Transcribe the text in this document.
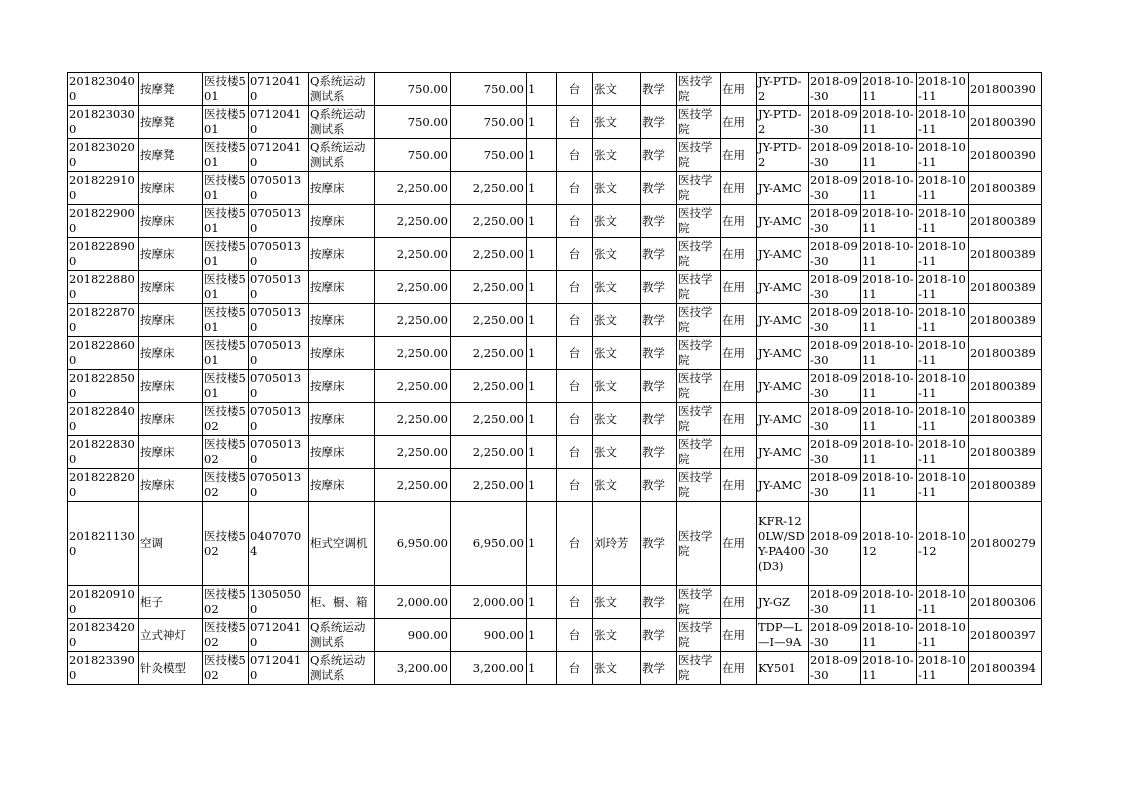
2018230400	按摩凳	医技楼501	07120410	Q系统运动测试系	750.00	750.00	1	台	张文	教学	医技学院	在用	JY-PTD-2	2018-09-30	2018-10-11	2018-10-11	201800390
2018230300	按摩凳	医技楼501	07120410	Q系统运动测试系	750.00	750.00	1	台	张文	教学	医技学院	在用	JY-PTD-2	2018-09-30	2018-10-11	2018-10-11	201800390
2018230200	按摩凳	医技楼501	07120410	Q系统运动测试系	750.00	750.00	1	台	张文	教学	医技学院	在用	JY-PTD-2	2018-09-30	2018-10-11	2018-10-11	201800390
2018229100	按摩床	医技楼501	07050130	按摩床	2,250.00	2,250.00	1	台	张文	教学	医技学院	在用	JY-AMC	2018-09-30	2018-10-11	2018-10-11	201800389
2018229000	按摩床	医技楼501	07050130	按摩床	2,250.00	2,250.00	1	台	张文	教学	医技学院	在用	JY-AMC	2018-09-30	2018-10-11	2018-10-11	201800389
2018228900	按摩床	医技楼501	07050130	按摩床	2,250.00	2,250.00	1	台	张文	教学	医技学院	在用	JY-AMC	2018-09-30	2018-10-11	2018-10-11	201800389
2018228800	按摩床	医技楼501	07050130	按摩床	2,250.00	2,250.00	1	台	张文	教学	医技学院	在用	JY-AMC	2018-09-30	2018-10-11	2018-10-11	201800389
2018228700	按摩床	医技楼501	07050130	按摩床	2,250.00	2,250.00	1	台	张文	教学	医技学院	在用	JY-AMC	2018-09-30	2018-10-11	2018-10-11	201800389
2018228600	按摩床	医技楼501	07050130	按摩床	2,250.00	2,250.00	1	台	张文	教学	医技学院	在用	JY-AMC	2018-09-30	2018-10-11	2018-10-11	201800389
2018228500	按摩床	医技楼501	07050130	按摩床	2,250.00	2,250.00	1	台	张文	教学	医技学院	在用	JY-AMC	2018-09-30	2018-10-11	2018-10-11	201800389
2018228400	按摩床	医技楼502	07050130	按摩床	2,250.00	2,250.00	1	台	张文	教学	医技学院	在用	JY-AMC	2018-09-30	2018-10-11	2018-10-11	201800389
2018228300	按摩床	医技楼502	07050130	按摩床	2,250.00	2,250.00	1	台	张文	教学	医技学院	在用	JY-AMC	2018-09-30	2018-10-11	2018-10-11	201800389
2018228200	按摩床	医技楼502	07050130	按摩床	2,250.00	2,250.00	1	台	张文	教学	医技学院	在用	JY-AMC	2018-09-30	2018-10-11	2018-10-11	201800389
2018211300	空调	医技楼502	04070704	柜式空调机	6,950.00	6,950.00	1	台	刘玲芳	教学	医技学院	在用	KFR-120LW/SDY-PA400(D3)	2018-09-30	2018-10-12	2018-10-12	201800279
2018209100	柜子	医技楼502	13050500	柜、橱、箱	2,000.00	2,000.00	1	台	张文	教学	医技学院	在用	JY-GZ	2018-09-30	2018-10-11	2018-10-11	201800306
2018234200	立式神灯	医技楼502	07120410	Q系统运动测试系	900.00	900.00	1	台	张文	教学	医技学院	在用	TDP—L—I—9A	2018-09-30	2018-10-11	2018-10-11	201800397
2018233900	针灸模型	医技楼502	07120410	Q系统运动测试系	3,200.00	3,200.00	1	台	张文	教学	医技学院	在用	KY501	2018-09-30	2018-10-11	2018-10-11	201800394
